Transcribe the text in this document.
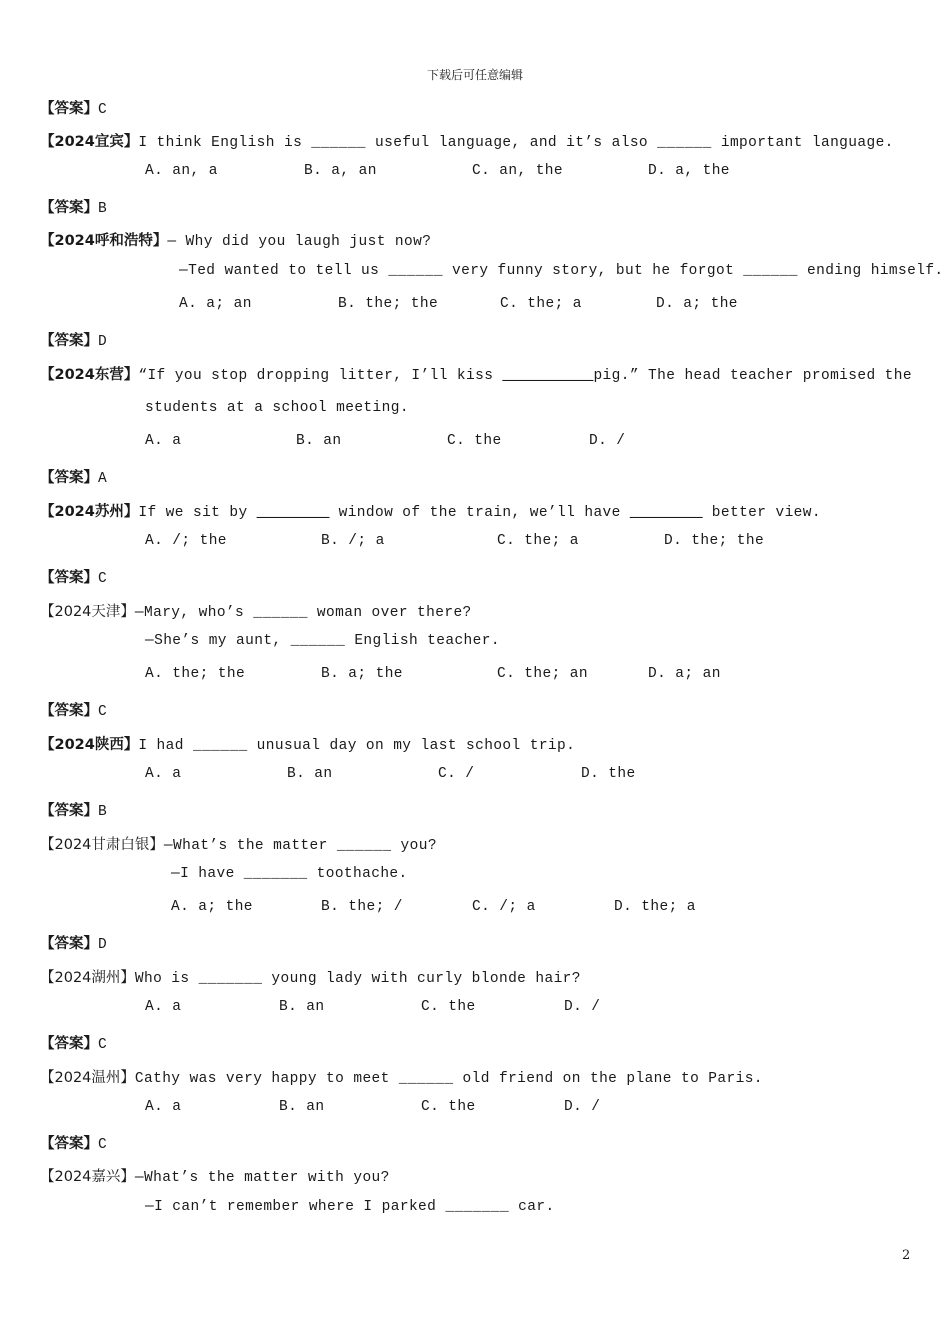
下载后可任意编辑
【答案】C
【2024宜宾】I think English is ______ useful language, and it’s also ______ important language.
A. an, a	B. a, an	C. an, the	D. a, the
【答案】B
【2024呼和浩特】— Why did you laugh just now?
—Ted wanted to tell us ______ very funny story, but he forgot ______ ending himself.
A. a; an	B. the; the	C. the; a	D. a; the
【答案】D
【2024东营】“If you stop dropping litter, I’ll kiss __________pig.” The head teacher promised the
students at a school meeting.
A. a	B. an	C. the	D. /
【答案】A
【2024苏州】If we sit by ________ window of the train, we’ll have ________ better view.
A. /; the	B. /; a	C. the; a	D. the; the
【答案】C
【2024天津】—Mary, who’s ______ woman over there?
—She’s my aunt, ______ English teacher.
A. the; the	B. a; the	C. the; an	D. a; an
【答案】C
【2024陕西】I had ______ unusual day on my last school trip.
A. a	B. an	C. /	D. the
【答案】B
【2024甘肃白银】—What’s the matter ______ you?
—I have _______ toothache.
A. a; the	B. the; /	C. /; a	D. the; a
【答案】D
【2024湖州】Who is _______ young lady with curly blonde hair?
A. a	B. an	C. the	D. /
【答案】C
【2024温州】Cathy was very happy to meet ______ old friend on the plane to Paris.
A. a	B. an	C. the	D. /
【答案】C
【2024嘉兴】—What’s the matter with you?
—I can’t remember where I parked _______ car.
2
